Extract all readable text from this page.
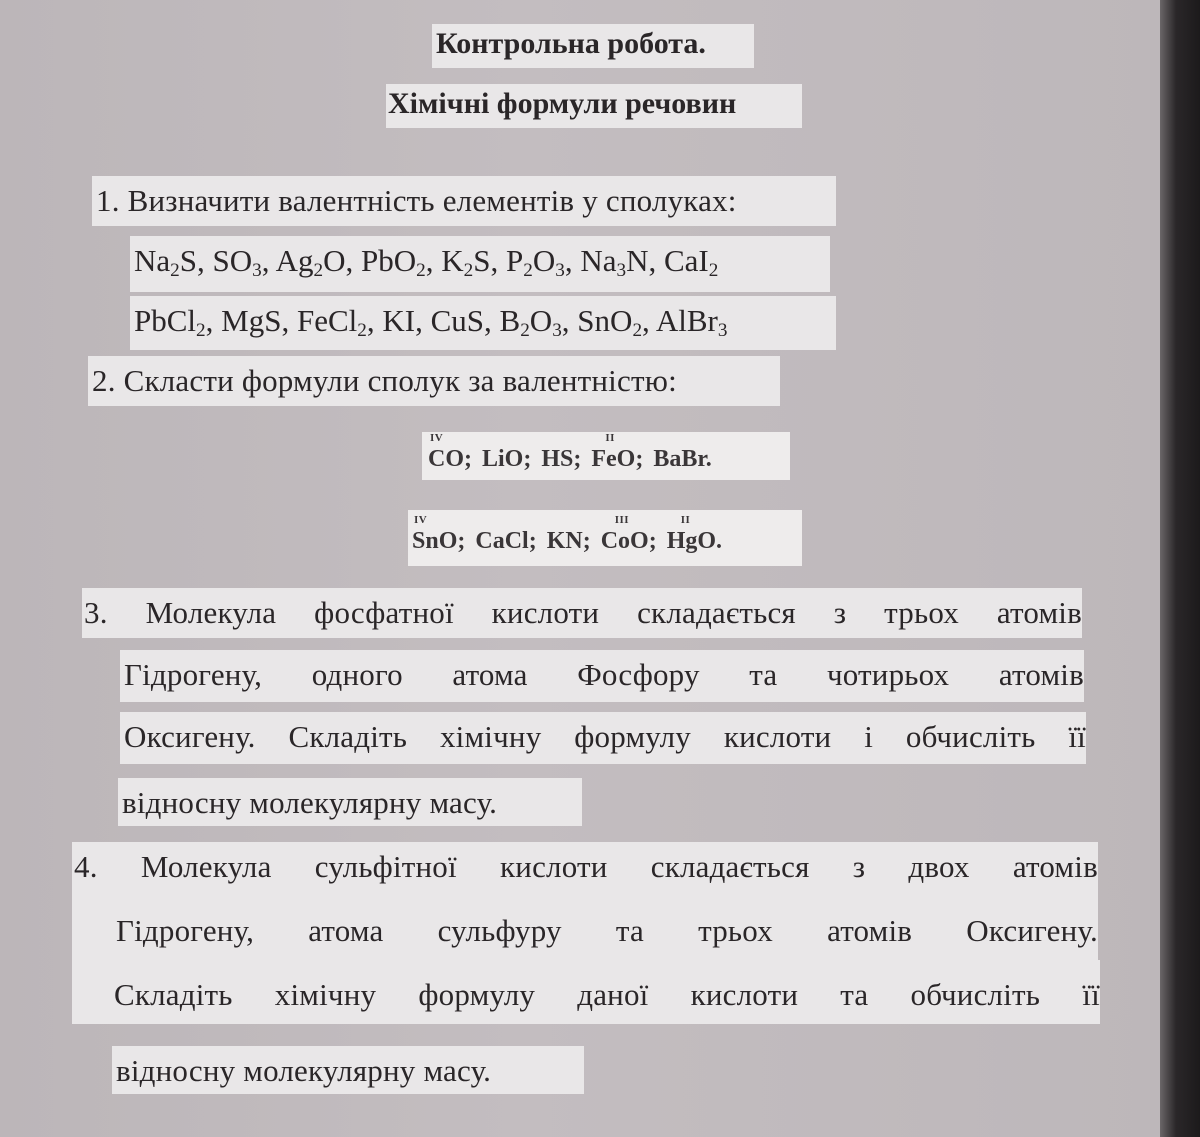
Контрольна робота.
Хімічні формули речовин
1. Визначити валентність елементів у сполуках:
$Na_2S$, $SO_3$, $Ag_2O$, PbO$_2$, $K_2S$, $P_2O_3$, $Na_3N$, CaI$_2$
PbCl$_2$, MgS, FeCl$_2$, KI, CuS, $B_2O_3$, SnO$_2$, AlBr$_3$
2. Скласти формули сполук за валентністю:
IV
CO; LiO; HS;
II
FeO; BaBr.
IV
SnO; CaCl; KN;
III
CoO;
II
HgO.
3. Молекула фосфатної кислоти складається з трьох атомів
Гідрогену, одного атома Фосфору та чотирьох атомів
Оксигену. Складіть хімічну формулу кислоти і обчисліть її
відносну молекулярну масу.
4. Молекула сульфітної кислоти складається з двох атомів
Гідрогену, атома сульфуру та трьох атомів Оксигену.
Складіть хімічну формулу даної кислоти та обчисліть її
відносну молекулярну масу.
